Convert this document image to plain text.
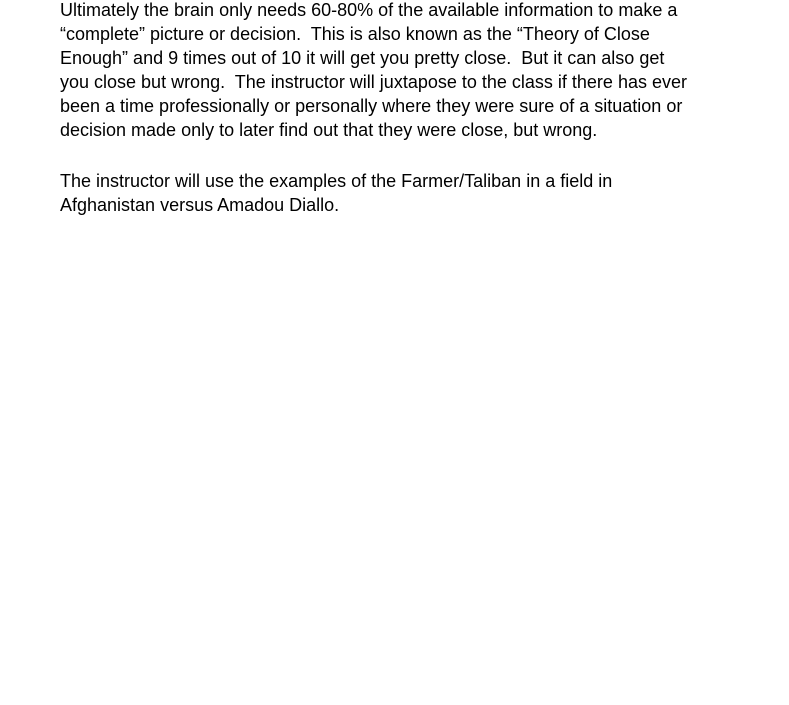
Ultimately the brain only needs 60-80% of the available information to make a
“complete” picture or decision.  This is also known as the “Theory of Close
Enough” and 9 times out of 10 it will get you pretty close.  But it can also get
you close but wrong.  The instructor will juxtapose to the class if there has ever
been a time professionally or personally where they were sure of a situation or
decision made only to later find out that they were close, but wrong.

The instructor will use the examples of the Farmer/Taliban in a field in
Afghanistan versus Amadou Diallo.
